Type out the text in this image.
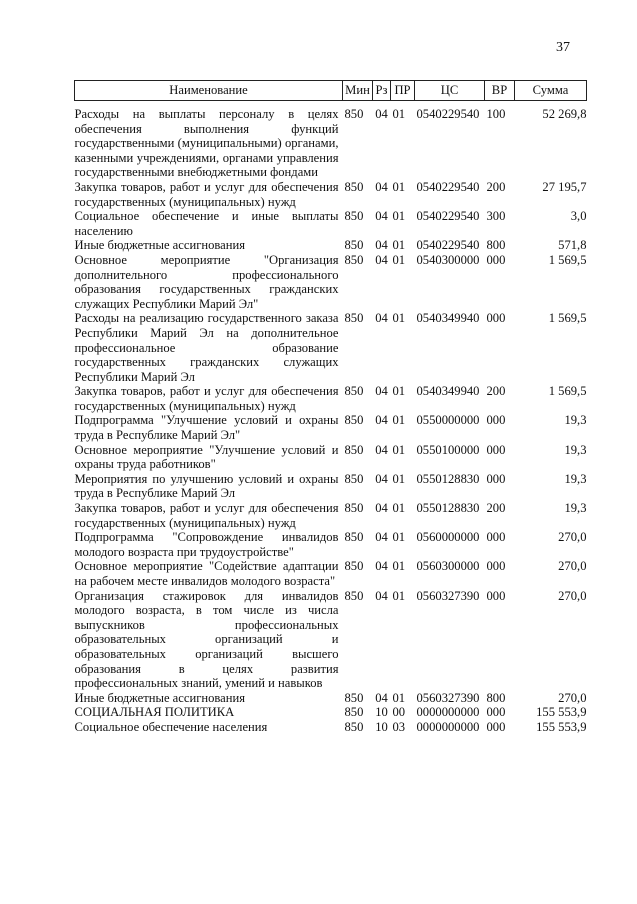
37
Наименование	Мин	Рз	ПР	ЦС	ВР	Сумма
Расходы на выплаты персоналу в целях обеспечения выполнения функций государственными (муниципальными) органами, казенными учреждениями, органами управления государственными внебюджетными фондами	850	04	01	0540229540	100	52 269,8
Закупка товаров, работ и услуг для обеспечения государственных (муниципальных) нужд	850	04	01	0540229540	200	27 195,7
Социальное обеспечение и иные выплаты населению	850	04	01	0540229540	300	3,0
Иные бюджетные ассигнования	850	04	01	0540229540	800	571,8
Основное мероприятие "Организация дополнительного профессионального образования государственных гражданских служащих Республики Марий Эл"	850	04	01	0540300000	000	1 569,5
Расходы на реализацию государственного заказа Республики Марий Эл на дополнительное профессиональное образование государственных гражданских служащих Республики Марий Эл	850	04	01	0540349940	000	1 569,5
Закупка товаров, работ и услуг для обеспечения государственных (муниципальных) нужд	850	04	01	0540349940	200	1 569,5
Подпрограмма "Улучшение условий и охраны труда в Республике Марий Эл"	850	04	01	0550000000	000	19,3
Основное мероприятие "Улучшение условий и охраны труда работников"	850	04	01	0550100000	000	19,3
Мероприятия по улучшению условий и охраны труда в Республике Марий Эл	850	04	01	0550128830	000	19,3
Закупка товаров, работ и услуг для обеспечения государственных (муниципальных) нужд	850	04	01	0550128830	200	19,3
Подпрограмма "Сопровождение инвалидов молодого возраста при трудоустройстве"	850	04	01	0560000000	000	270,0
Основное мероприятие "Содействие адаптации на рабочем месте инвалидов молодого возраста"	850	04	01	0560300000	000	270,0
Организация стажировок для инвалидов молодого возраста, в том числе из числа выпускников профессиональных образовательных организаций и образовательных организаций высшего образования в целях развития профессиональных знаний, умений и навыков	850	04	01	0560327390	000	270,0
Иные бюджетные ассигнования	850	04	01	0560327390	800	270,0
СОЦИАЛЬНАЯ ПОЛИТИКА	850	10	00	0000000000	000	155 553,9
Социальное обеспечение населения	850	10	03	0000000000	000	155 553,9
